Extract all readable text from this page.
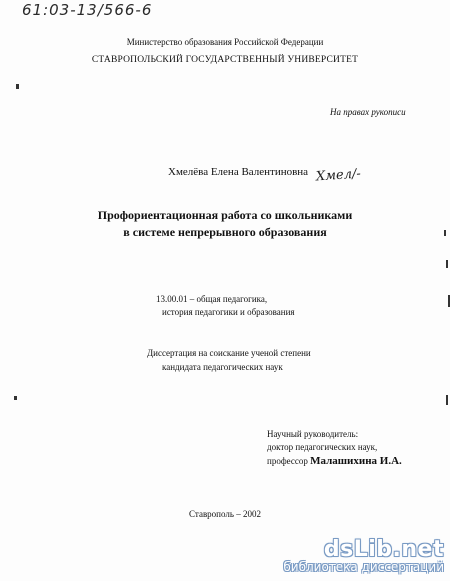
61:03-13/566-6
Министерство образования Российской Федерации
СТАВРОПОЛЬСКИЙ ГОСУДАРСТВЕННЫЙ УНИВЕРСИТЕТ
На правах рукописи
Хмелёва Елена Валентиновна Хмел/-
Профориентационная работа со школьниками
в системе непрерывного образования
13.00.01 – общая педагогика,
история педагогики и образования
Диссертация на соискание ученой степени
кандидата педагогических наук
Научный руководитель:
доктор педагогических наук,
профессор Малашихина И.А.
Ставрополь – 2002
dsLib.net
библиотека диссертаций
